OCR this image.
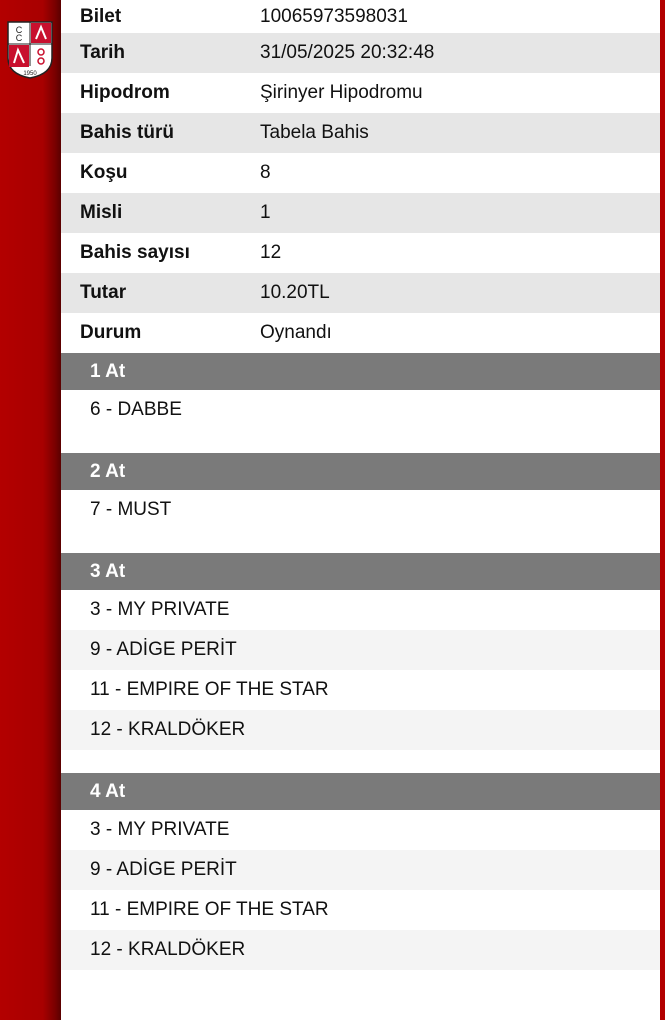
C
C
1950
Bilet	10065973598031
Tarih	31/05/2025 20:32:48
Hipodrom	Şirinyer Hipodromu
Bahis türü	Tabela Bahis
Koşu	8
Misli	1
Bahis sayısı	12
Tutar	10.20TL
Durum	Oynandı
1 At
6 - DABBE
2 At
7 - MUST
3 At
3 - MY PRIVATE
9 - ADİGE PERİT
11 - EMPIRE OF THE STAR
12 - KRALDÖKER
4 At
3 - MY PRIVATE
9 - ADİGE PERİT
11 - EMPIRE OF THE STAR
12 - KRALDÖKER
